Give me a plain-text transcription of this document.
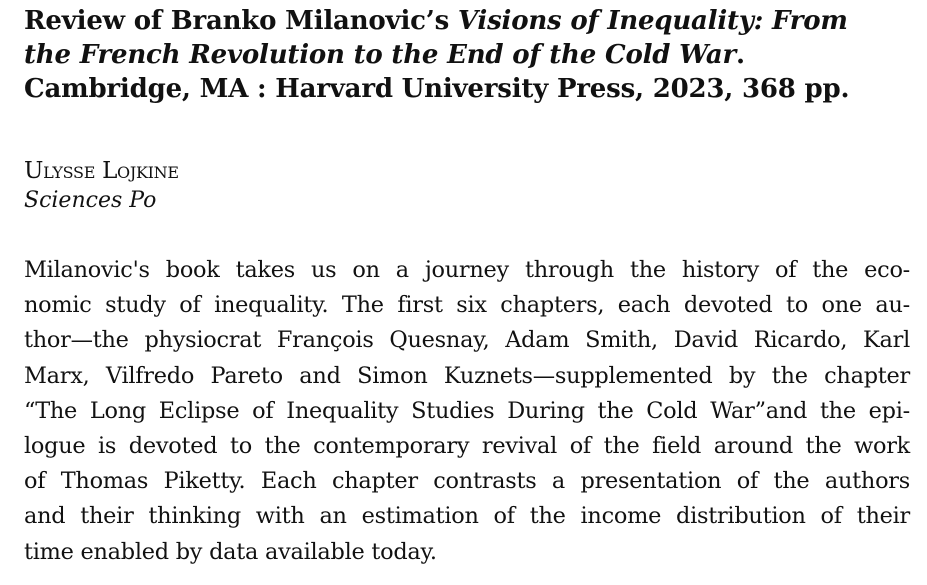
Review of Branko Milanovic’s Visions of Inequality: From
the French Revolution to the End of the Cold War.
Cambridge, MA : Harvard University Press, 2023, 368 pp.
Ulysse Lojkine
Sciences Po
Milanovic's book takes us on a journey through the history of the eco-
nomic study of inequality. The first six chapters, each devoted to one au-
thor—the physiocrat François Quesnay, Adam Smith, David Ricardo, Karl
Marx, Vilfredo Pareto and Simon Kuznets—supplemented by the chapter
“The Long Eclipse of Inequality Studies During the Cold War”and the epi-
logue is devoted to the contemporary revival of the field around the work
of Thomas Piketty. Each chapter contrasts a presentation of the authors
and their thinking with an estimation of the income distribution of their
time enabled by data available today.
